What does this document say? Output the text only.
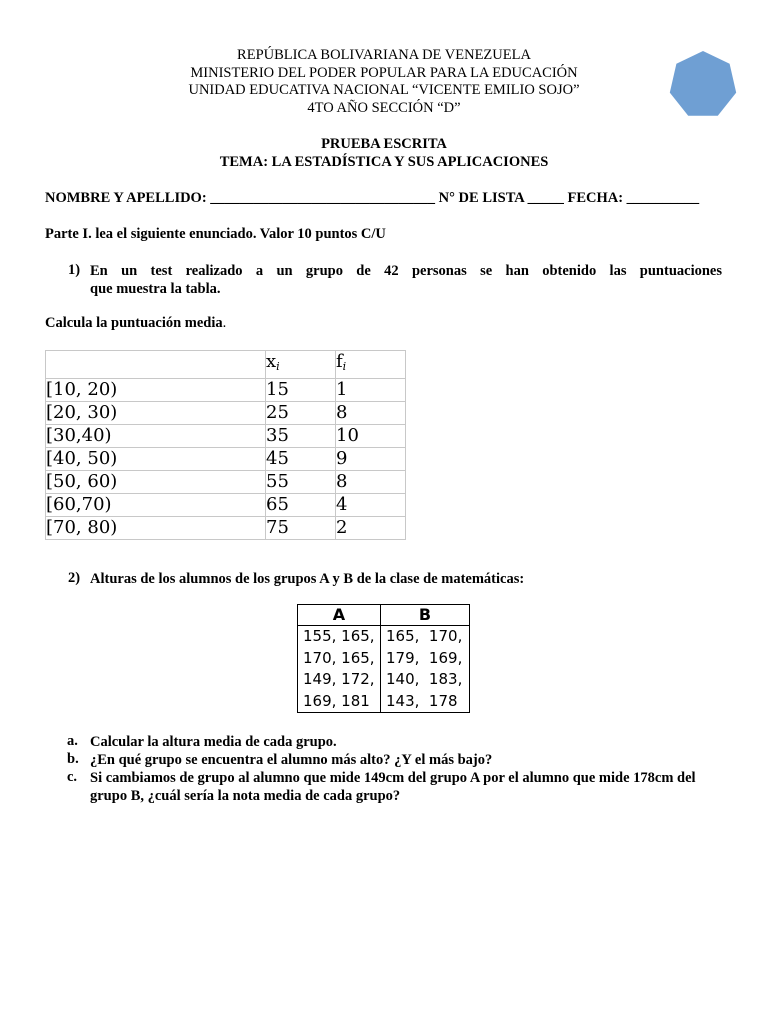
REPÚBLICA BOLIVARIANA DE VENEZUELA
MINISTERIO DEL PODER POPULAR PARA LA EDUCACIÓN
UNIDAD EDUCATIVA NACIONAL “VICENTE EMILIO SOJO”
4TO AÑO SECCIÓN “D”
PRUEBA ESCRITA
TEMA: LA ESTADÍSTICA Y SUS APLICACIONES
NOMBRE Y APELLIDO: _______________________________ N° DE LISTA _____ FECHA: __________
Parte I. lea el siguiente enunciado. Valor 10 puntos C/U
1) En un test realizado a un grupo de 42 personas se han obtenido las puntuaciones
que muestra la tabla.
Calcula la puntuación media.
	$x_i$	$f_i$
[10, 20)	15	1
[20, 30)	25	8
[30,40)	35	10
[40, 50)	45	9
[50, 60)	55	8
[60,70)	65	4
[70, 80)	75	2
2) Alturas de los alumnos de los grupos A y B de la clase de matemáticas:
A	B
155, 165,	165,  170,
170, 165,	179,  169,
149, 172,	140,  183,
169, 181	143,  178
a. Calcular la altura media de cada grupo.
b. ¿En qué grupo se encuentra el alumno más alto? ¿Y el más bajo?
c. Si cambiamos de grupo al alumno que mide 149cm del grupo A por el alumno que mide 178cm del grupo B, ¿cuál sería la nota media de cada grupo?
